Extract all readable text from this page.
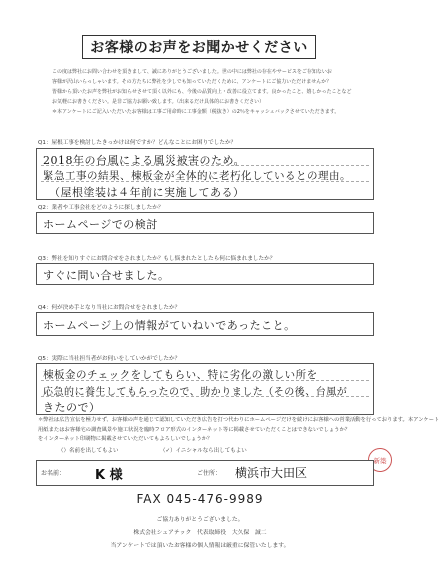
お客様のお声をお聞かせください

この度は弊社にお問い合わせを頂きまして、誠にありがとうございました。世の中には弊社の存在やサービスをご存知ないお

客様が沢山いらっしゃいます。その方たちに弊社を少しでも知っていただくために、アンケートにご協力いただけませんか？

皆様から頂いたお声を弊社がお知らせさせて頂く以外にも、今後の品質向上・改善に役立てます。良かったこと、嬉しかったことなど

お気軽にお書きください。是非ご協力お願い致します。（出来るだけ具体的にお書きください）

＊本アンケートにご記入いただいたお客様は工事ご用命時に工事金額（税抜き）の2％をキャッシュバックさせていただきます。

Q1：屋根工事を検討したきっかけは何ですか？どんなことにお困りでしたか？
2018年の台風による風災被害のため。
緊急工事の結果、棟板金が全体的に老朽化しているとの理由。
（屋根塗装は４年前に実施してある）
Q2：業者や工事会社をどのように探しましたか？
ホームページでの検討
Q3：弊社を知りすぐにお問合せをされましたか？もし悩まれたとしたら何に悩まれましたか？
すぐに問い合せました。
Q4：何が決め手となり当社にお問合せをされましたか？
ホームページ上の情報がていねいであったこと。
Q5：実際に当社担当者がお伺いをしていかがでしたか？
棟板金のチェックをしてもらい、特に劣化の激しい所を
応急的に養生してもらったので、助かりました（その後、台風が
きたので）
＊弊社は広告宣伝を極力せず、お客様の声を通じて認知していただき広告を打つ代わりにホームページだけを続けにお客様への営業活動を行っております。本アンケート
用紙またはお客様宅の調査風景や施工状況を臨時フロア形式のインターネット等に掲載させていただくことはできないでしょうか？
をインターネット印刷物に掲載させていただいてもよろしいでしょうか？
（）名前を出してもよい	（✓）イニシャルなら出してもよい
新築
お名前： K 様	ご住所： 横浜市大田区
FAX 045-476-9989
ご協力ありがとうございました。
株式会社シェアテック　代表取締役　大久保　誠二
当アンケートでは頂いたお客様の個人情報は厳重に保管いたします。
